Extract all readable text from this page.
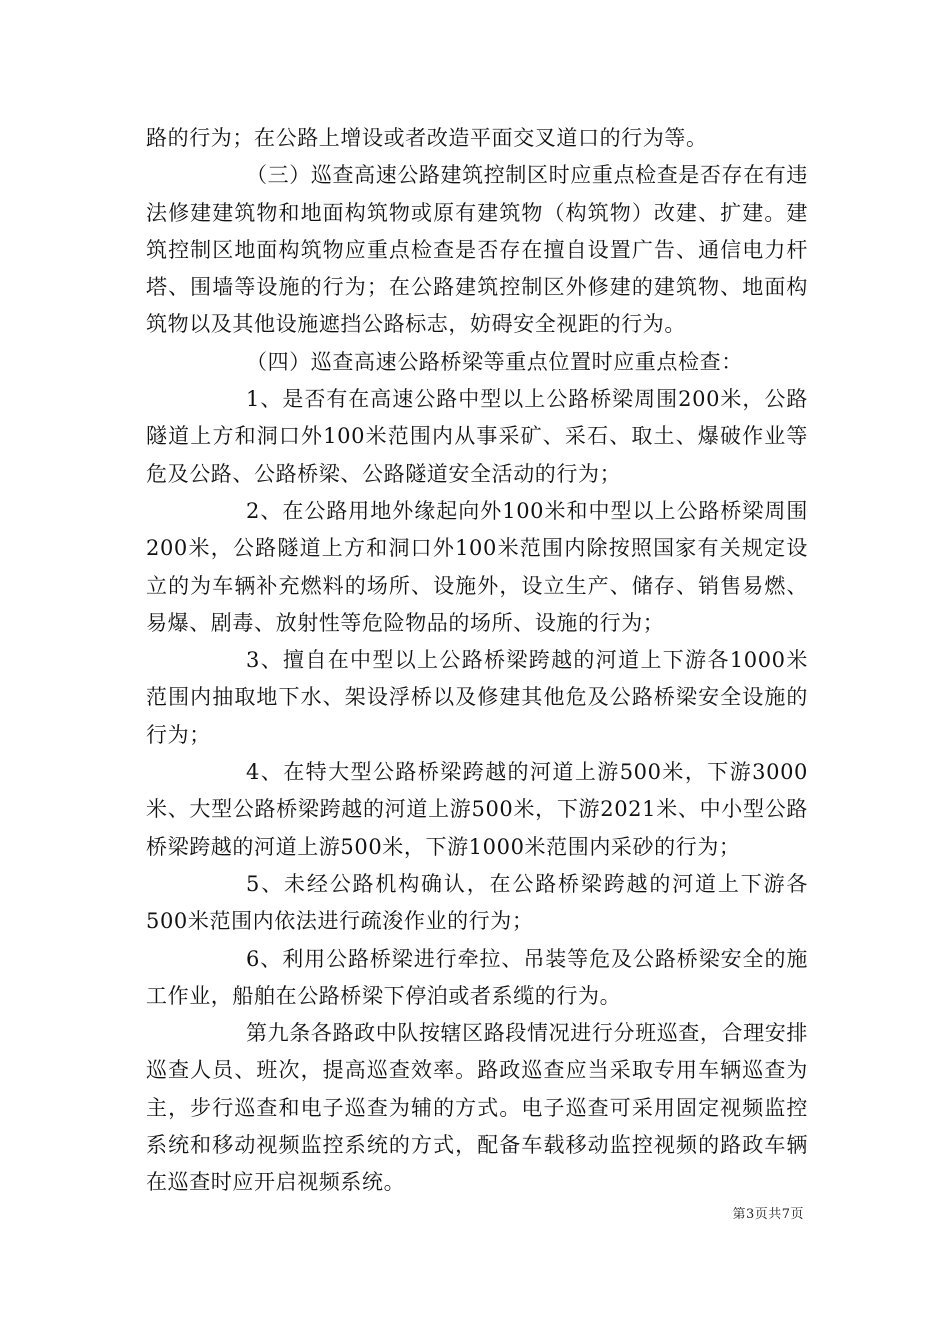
路的行为；在公路上增设或者改造平面交叉道口的行为等。

（三）巡查高速公路建筑控制区时应重点检查是否存在有违法修建建筑物和地面构筑物或原有建筑物（构筑物）改建、扩建。建筑控制区地面构筑物应重点检查是否存在擅自设置广告、通信电力杆塔、围墙等设施的行为；在公路建筑控制区外修建的建筑物、地面构筑物以及其他设施遮挡公路标志，妨碍安全视距的行为。

（四）巡查高速公路桥梁等重点位置时应重点检查：

1、是否有在高速公路中型以上公路桥梁周围200米，公路隧道上方和洞口外100米范围内从事采矿、采石、取土、爆破作业等危及公路、公路桥梁、公路隧道安全活动的行为；

2、在公路用地外缘起向外100米和中型以上公路桥梁周围200米，公路隧道上方和洞口外100米范围内除按照国家有关规定设立的为车辆补充燃料的场所、设施外，设立生产、储存、销售易燃、易爆、剧毒、放射性等危险物品的场所、设施的行为；

3、擅自在中型以上公路桥梁跨越的河道上下游各1000米范围内抽取地下水、架设浮桥以及修建其他危及公路桥梁安全设施的行为；

4、在特大型公路桥梁跨越的河道上游500米，下游3000米、大型公路桥梁跨越的河道上游500米，下游2021米、中小型公路桥梁跨越的河道上游500米，下游1000米范围内采砂的行为；

5、未经公路机构确认，在公路桥梁跨越的河道上下游各500米范围内依法进行疏浚作业的行为；

6、利用公路桥梁进行牵拉、吊装等危及公路桥梁安全的施工作业，船舶在公路桥梁下停泊或者系缆的行为。

第九条各路政中队按辖区路段情况进行分班巡查，合理安排巡查人员、班次，提高巡查效率。路政巡查应当采取专用车辆巡查为主，步行巡查和电子巡查为辅的方式。电子巡查可采用固定视频监控系统和移动视频监控系统的方式，配备车载移动监控视频的路政车辆在巡查时应开启视频系统。

第3页共7页
